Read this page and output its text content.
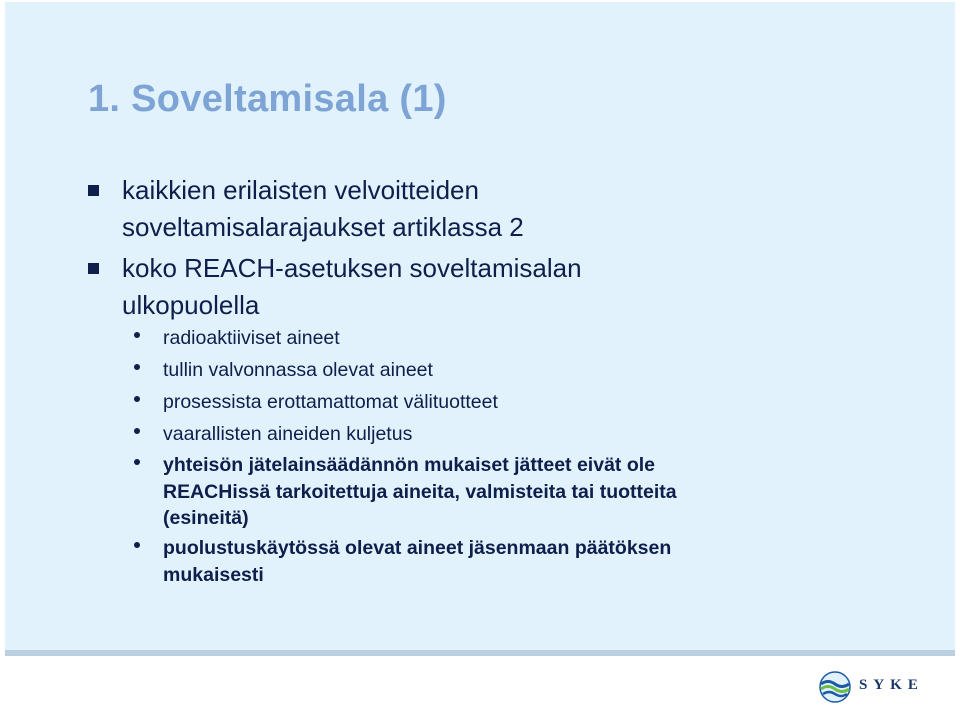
1. Soveltamisala (1)
kaikkien erilaisten velvoitteiden
soveltamisalarajaukset artiklassa 2
koko REACH-asetuksen soveltamisalan
ulkopuolella
radioaktiiviset aineet
tullin valvonnassa olevat aineet
prosessista erottamattomat välituotteet
vaarallisten aineiden kuljetus
yhteisön jätelainsäädännön mukaiset jätteet eivät ole
REACHissä tarkoitettuja aineita, valmisteita tai tuotteita
(esineitä)
puolustuskäytössä olevat aineet jäsenmaan päätöksen
mukaisesti
SYKE
